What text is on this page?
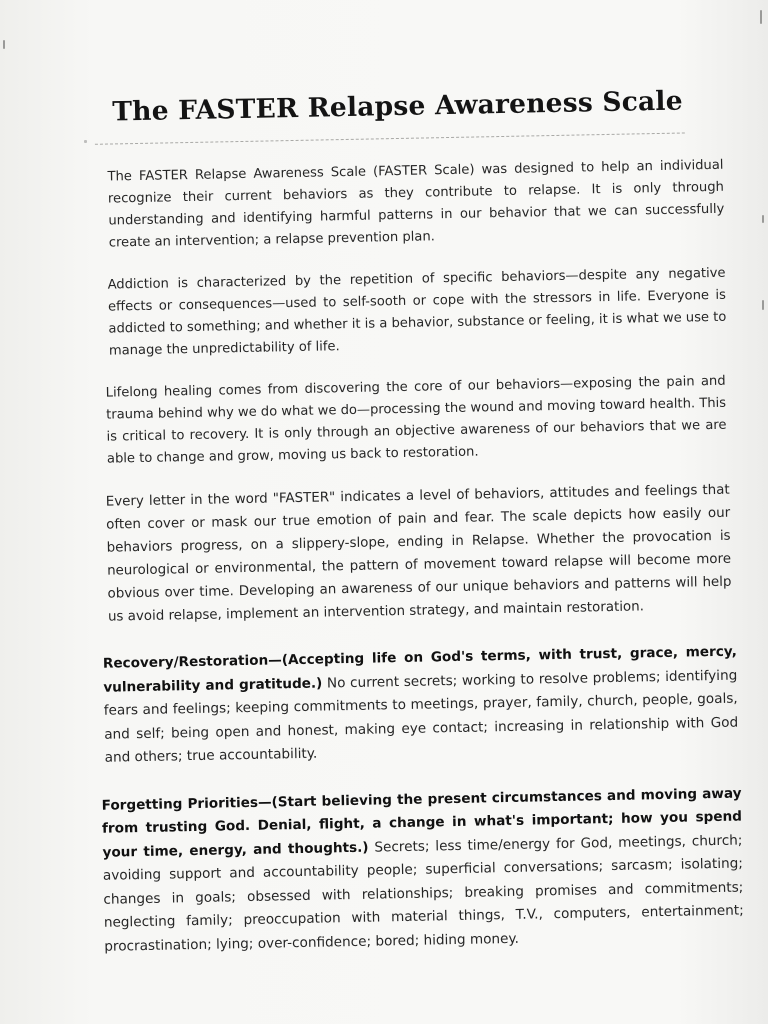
The FASTER Relapse Awareness Scale

The FASTER Relapse Awareness Scale (FASTER Scale) was designed to help an individual recognize their current behaviors as they contribute to relapse. It is only through understanding and identifying harmful patterns in our behavior that we can successfully create an intervention; a relapse prevention plan.

Addiction is characterized by the repetition of specific behaviors—despite any negative effects or consequences—used to self-sooth or cope with the stressors in life. Everyone is addicted to something; and whether it is a behavior, substance or feeling, it is what we use to manage the unpredictability of life.

Lifelong healing comes from discovering the core of our behaviors—exposing the pain and trauma behind why we do what we do—processing the wound and moving toward health. This is critical to recovery. It is only through an objective awareness of our behaviors that we are able to change and grow, moving us back to restoration.

Every letter in the word "FASTER" indicates a level of behaviors, attitudes and feelings that often cover or mask our true emotion of pain and fear. The scale depicts how easily our behaviors progress, on a slippery-slope, ending in Relapse. Whether the provocation is neurological or environmental, the pattern of movement toward relapse will become more obvious over time. Developing an awareness of our unique behaviors and patterns will help us avoid relapse, implement an intervention strategy, and maintain restoration.

Recovery/Restoration—(Accepting life on God's terms, with trust, grace, mercy, vulnerability and gratitude.) No current secrets; working to resolve problems; identifying fears and feelings; keeping commitments to meetings, prayer, family, church, people, goals, and self; being open and honest, making eye contact; increasing in relationship with God and others; true accountability.

Forgetting Priorities—(Start believing the present circumstances and moving away from trusting God. Denial, flight, a change in what's important; how you spend your time, energy, and thoughts.) Secrets; less time/energy for God, meetings, church; avoiding support and accountability people; superficial conversations; sarcasm; isolating; changes in goals; obsessed with relationships; breaking promises and commitments; neglecting family; preoccupation with material things, T.V., computers, entertainment; procrastination; lying; over-confidence; bored; hiding money.
